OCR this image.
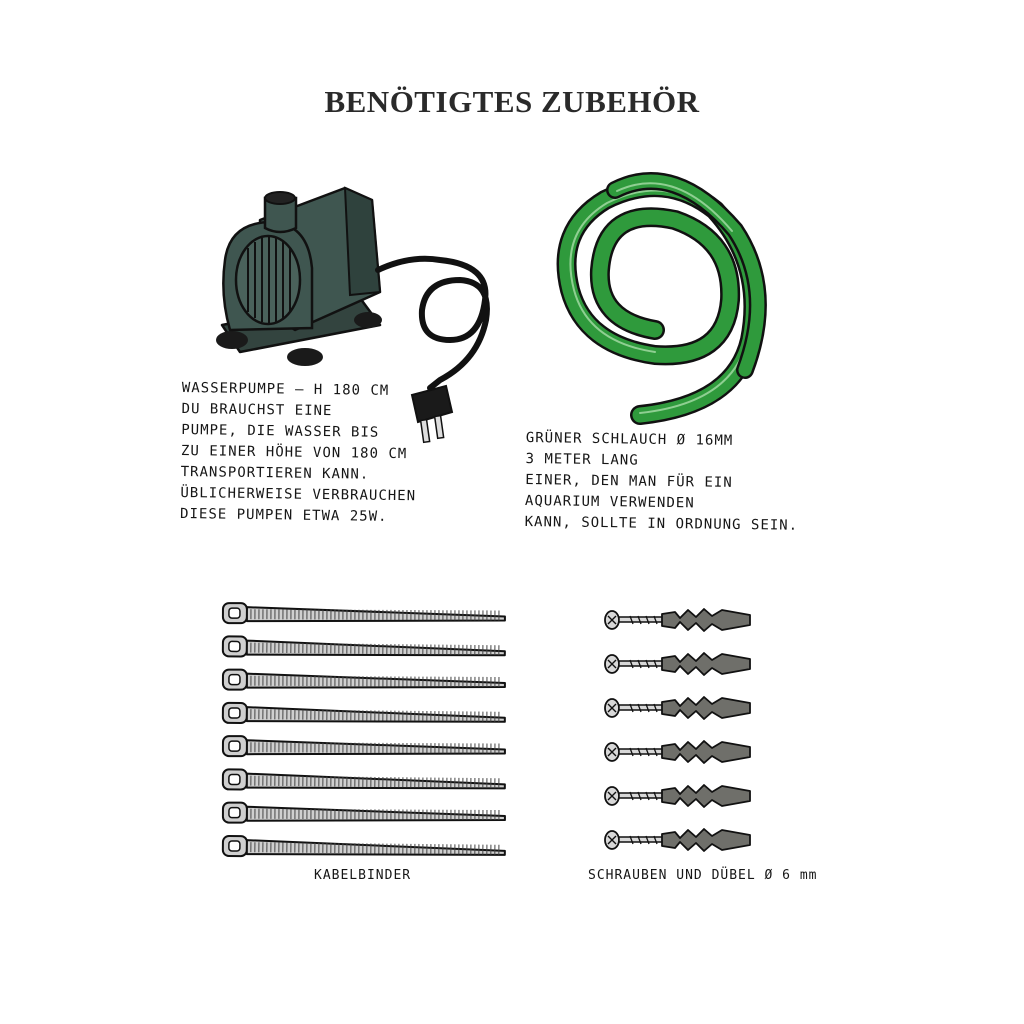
BENÖTIGTES ZUBEHÖR
WASSERPUMPE – H 180 CM
DU BRAUCHST EINE
PUMPE, DIE WASSER BIS
ZU EINER HÖHE VON 180 CM
TRANSPORTIEREN KANN.
ÜBLICHERWEISE VERBRAUCHEN
DIESE PUMPEN ETWA 25W.
GRÜNER SCHLAUCH Ø 16MM
3 METER LANG
EINER, DEN MAN FÜR EIN
AQUARIUM VERWENDEN
KANN, SOLLTE IN ORDNUNG SEIN.
KABELBINDER	SCHRAUBEN UND DÜBEL Ø 6 mm
